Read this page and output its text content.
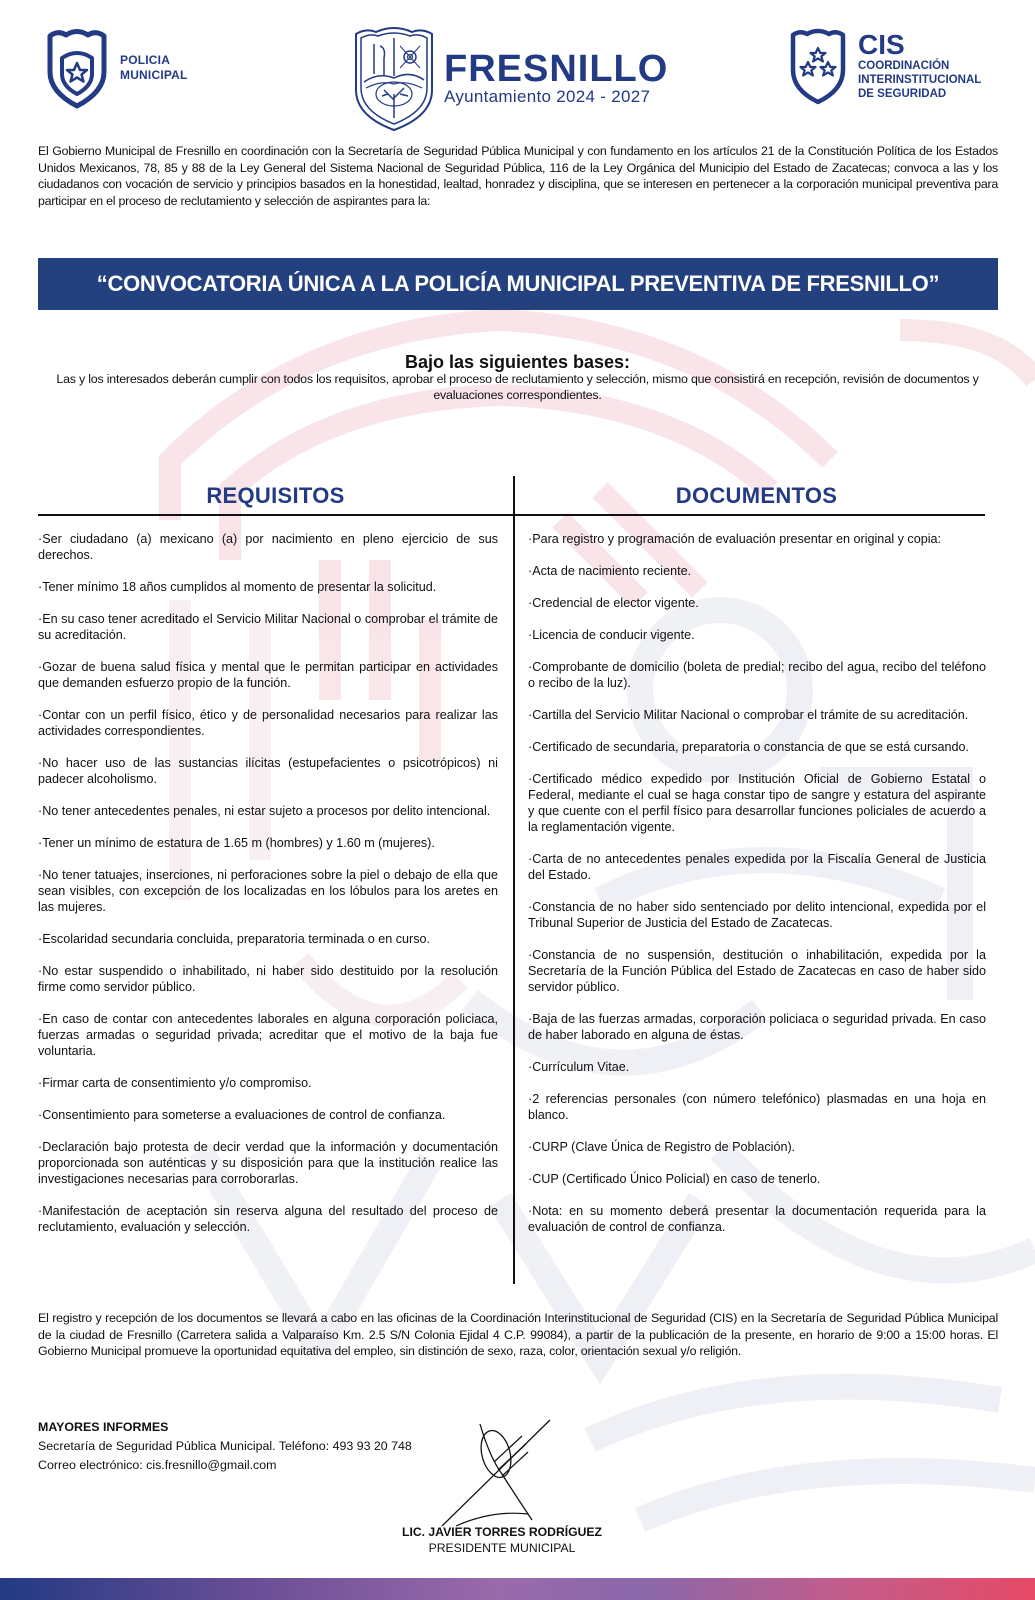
POLICIA
MUNICIPAL	FRESNILLO
Ayuntamiento 2024 - 2027
CIS
COORDINACIÓN
INTERINSTITUCIONAL
DE SEGURIDAD

El Gobierno Municipal de Fresnillo en coordinación con la Secretaría de Seguridad Pública Municipal y con fundamento en los artículos 21 de la Constitución Política de los Estados Unidos Mexicanos, 78, 85 y 88 de la Ley General del Sistema Nacional de Seguridad Pública, 116 de la Ley Orgánica del Municipio del Estado de Zacatecas; convoca a las y los ciudadanos con vocación de servicio y principios basados en la honestidad, lealtad, honradez y disciplina, que se interesen en pertenecer a la corporación municipal preventiva para participar en el proceso de reclutamiento y selección de aspirantes para la:

“CONVOCATORIA ÚNICA A LA POLICÍA MUNICIPAL PREVENTIVA DE FRESNILLO”
Bajo las siguientes bases:
Las y los interesados deberán cumplir con todos los requisitos, aprobar el proceso de reclutamiento y selección, mismo que consistirá en recepción, revisión de documentos y evaluaciones correspondientes.
REQUISITOS	DOCUMENTOS
·Ser ciudadano (a) mexicano (a) por nacimiento en pleno ejercicio de sus derechos.
·Tener mínimo 18 años cumplidos al momento de presentar la solicitud.
·En su caso tener acreditado el Servicio Militar Nacional o comprobar el trámite de su acreditación.
·Gozar de buena salud física y mental que le permitan participar en actividades que demanden esfuerzo propio de la función.
·Contar con un perfil físico, ético y de personalidad necesarios para realizar las actividades correspondientes.
·No hacer uso de las sustancias ilícitas (estupefacientes o psicotrópicos) ni padecer alcoholismo.
·No tener antecedentes penales, ni estar sujeto a procesos por delito intencional.
·Tener un mínimo de estatura de 1.65 m (hombres) y 1.60 m (mujeres).
·No tener tatuajes, inserciones, ni perforaciones sobre la piel o debajo de ella que sean visibles, con excepción de los localizadas en los lóbulos para los aretes en las mujeres.
·Escolaridad secundaria concluida, preparatoria terminada o en curso.
·No estar suspendido o inhabilitado, ni haber sido destituido por la resolución firme como servidor público.
·En caso de contar con antecedentes laborales en alguna corporación policiaca, fuerzas armadas o seguridad privada; acreditar que el motivo de la baja fue voluntaria.
·Firmar carta de consentimiento y/o compromiso.
·Consentimiento para someterse a evaluaciones de control de confianza.
·Declaración bajo protesta de decir verdad que la información y documentación proporcionada son auténticas y su disposición para que la institución realice las investigaciones necesarias para corroborarlas.
·Manifestación de aceptación sin reserva alguna del resultado del proceso de reclutamiento, evaluación y selección.
·Para registro y programación de evaluación presentar en original y copia:
·Acta de nacimiento reciente.
·Credencial de elector vigente.
·Licencia de conducir vigente.
·Comprobante de domicilio (boleta de predial; recibo del agua, recibo del teléfono o recibo de la luz).
·Cartilla del Servicio Militar Nacional o comprobar el trámite de su acreditación.
·Certificado de secundaria, preparatoria o constancia de que se está cursando.
·Certificado médico expedido por Institución Oficial de Gobierno Estatal o Federal, mediante el cual se haga constar tipo de sangre y estatura del aspirante y que cuente con el perfil físico para desarrollar funciones policiales de acuerdo a la reglamentación vigente.
·Carta de no antecedentes penales expedida por la Fiscalía General de Justicia del Estado.
·Constancia de no haber sido sentenciado por delito intencional, expedida por el Tribunal Superior de Justicia del Estado de Zacatecas.
·Constancia de no suspensión, destitución o inhabilitación, expedida por la Secretaría de la Función Pública del Estado de Zacatecas en caso de haber sido servidor público.
·Baja de las fuerzas armadas, corporación policiaca o seguridad privada. En caso de haber laborado en alguna de éstas.
·Currículum Vitae.
·2 referencias personales (con número telefónico) plasmadas en una hoja en blanco.
·CURP (Clave Única de Registro de Población).
·CUP (Certificado Único Policial) en caso de tenerlo.
·Nota: en su momento deberá presentar la documentación requerida para la evaluación de control de confianza.

El registro y recepción de los documentos se llevará a cabo en las oficinas de la Coordinación Interinstitucional de Seguridad (CIS) en la Secretaría de Seguridad Pública Municipal de la ciudad de Fresnillo (Carretera salida a Valparaíso Km. 2.5 S/N Colonia Ejidal 4 C.P. 99084), a partir de la publicación de la presente, en horario de 9:00 a 15:00 horas. El Gobierno Municipal promueve la oportunidad equitativa del empleo, sin distinción de sexo, raza, color, orientación sexual y/o religión.

MAYORES INFORMES
Secretaría de Seguridad Pública Municipal. Teléfono: 493 93 20 748
Correo electrónico: cis.fresnillo@gmail.com
LIC. JAVIER TORRES RODRÍGUEZ
PRESIDENTE MUNICIPAL
